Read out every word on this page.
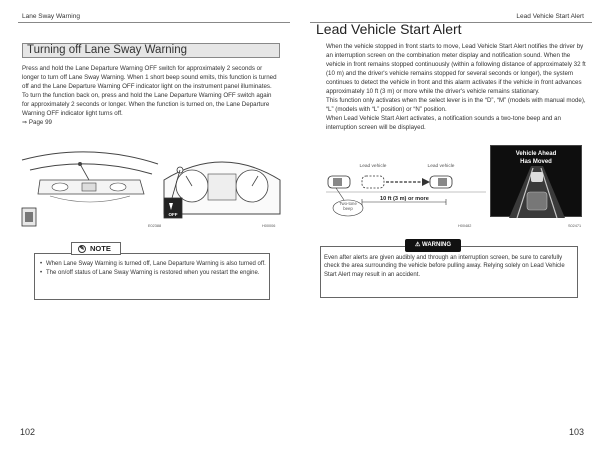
Lane Sway Warning
Turning off Lane Sway Warning

Press and hold the Lane Departure Warning OFF switch for approximately 2 seconds or longer to turn off Lane Sway Warning. When 1 short beep sound emits, this function is turned off and the Lane Departure Warning OFF indicator light on the instrument panel illuminates.

To turn the function back on, press and hold the Lane Departure Warning OFF switch again for approximately 2 seconds or longer. When the function is turned on, the Lane Departure Warning OFF indicator light turns off.

⇒ Page 99

E02388
OFF
H00006
102
✎ NOTE
• When Lane Sway Warning is turned off, Lane Departure Warning is also turned off.
• The on/off status of Lane Sway Warning is restored when you restart the engine.
Lead Vehicle Start Alert
Lead Vehicle Start Alert

When the vehicle stopped in front starts to move, Lead Vehicle Start Alert notifies the driver by an interruption screen on the combination meter display and notification sound. When the vehicle in front remains stopped continuously (within a following distance of approximately 32 ft (10 m) and the driver's vehicle remains stopped for several seconds or longer), the system continues to detect the vehicle in front and this alarm activates if the vehicle in front advances approximately 10 ft (3 m) or more while the driver's vehicle remains stationary.

This function only activates when the select lever is in the “D”, “M” (models with manual mode), “L” (models with “L” position) or “N” position.

When Lead Vehicle Start Alert activates, a notification sounds a two-tone beep and an interruption screen will be displayed.

Lead vehicle	Lead vehicle
10 ft (3 m) or more
Two-tone beep
H00482
Vehicle Ahead
Has Moved
S02471
103
⚠ WARNING
Even after alerts are given audibly and through an interruption screen, be sure to carefully check the area surrounding the vehicle before pulling away. Relying solely on Lead Vehicle Start Alert may result in an accident.
